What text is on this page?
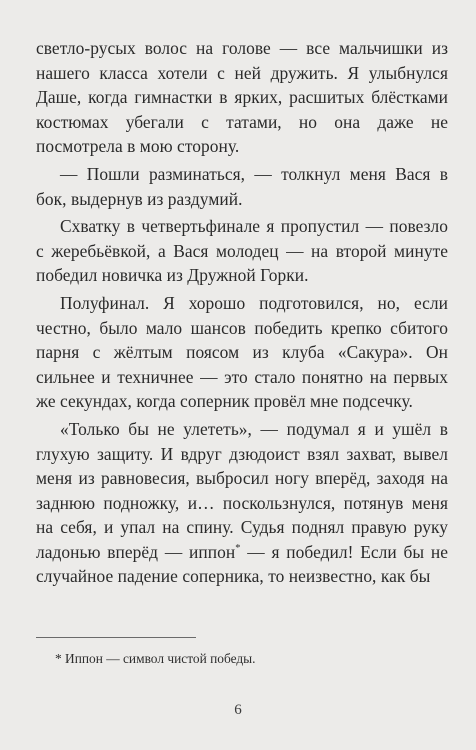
светло-русых волос на голове — все мальчишки из нашего класса хотели с ней дружить. Я улыбнулся Даше, когда гимнастки в ярких, расшитых блёстками костюмах убегали с татами, но она даже не посмотрела в мою сторону.

— Пошли разминаться, — толкнул меня Вася в бок, выдернув из раздумий.

Схватку в четвертьфинале я пропустил — повезло с жеребьёвкой, а Вася молодец — на второй минуте победил новичка из Дружной Горки.

Полуфинал. Я хорошо подготовился, но, если честно, было мало шансов победить крепко сбитого парня с жёлтым поясом из клуба «Сакура». Он сильнее и техничнее — это стало понятно на первых же секундах, когда соперник провёл мне подсечку.

«Только бы не улететь», — подумал я и ушёл в глухую защиту. И вдруг дзюдоист взял захват, вывел меня из равновесия, выбросил ногу вперёд, заходя на заднюю подножку, и… поскользнулся, потянув меня на себя, и упал на спину. Судья поднял правую руку ладонью вперёд — иппон* — я победил! Если бы не случайное падение соперника, то неизвестно, как бы

* Иппон — символ чистой победы.
6
